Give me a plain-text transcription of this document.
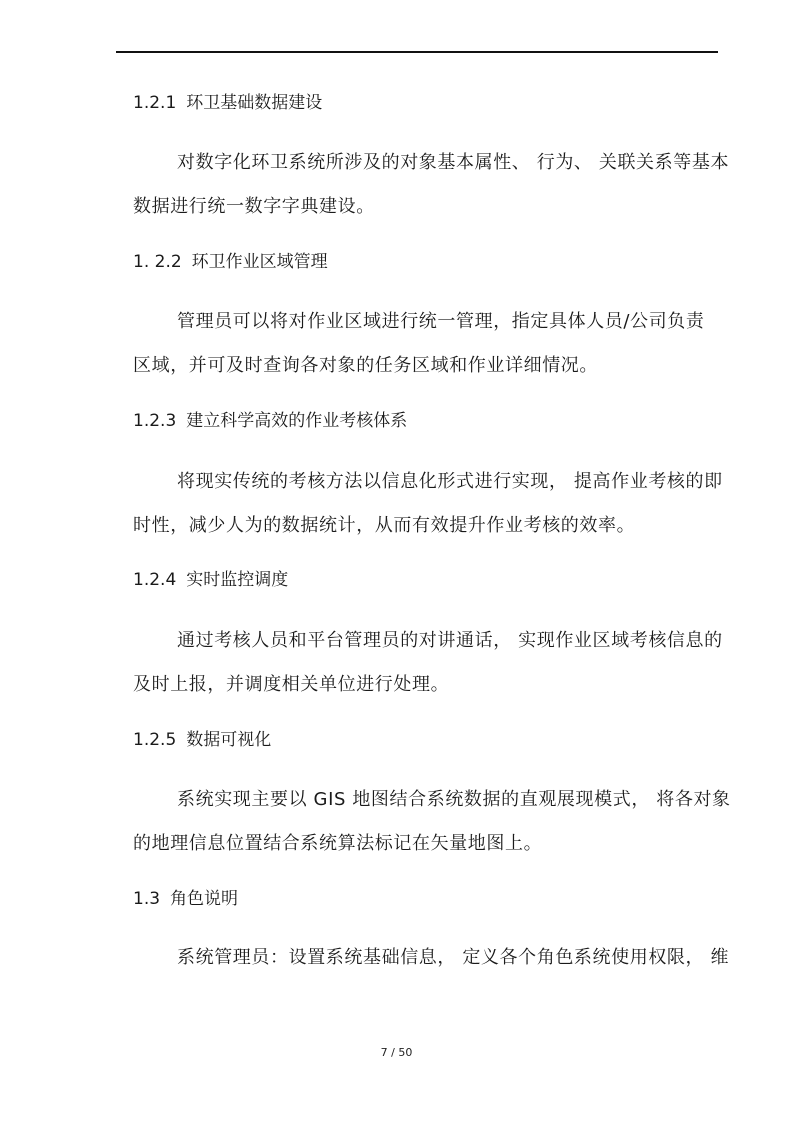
1.2.1 环卫基础数据建设
对数字化环卫系统所涉及的对象基本属性、 行为、 关联关系等基本
数据进行统一数字字典建设。
1. 2.2 环卫作业区域管理
管理员可以将对作业区域进行统一管理，指定具体人员/公司负责
区域，并可及时查询各对象的任务区域和作业详细情况。
1.2.3 建立科学高效的作业考核体系
将现实传统的考核方法以信息化形式进行实现， 提高作业考核的即
时性，减少人为的数据统计，从而有效提升作业考核的效率。
1.2.4 实时监控调度
通过考核人员和平台管理员的对讲通话， 实现作业区域考核信息的
及时上报，并调度相关单位进行处理。
1.2.5 数据可视化
系统实现主要以 GIS 地图结合系统数据的直观展现模式， 将各对象
的地理信息位置结合系统算法标记在矢量地图上。
1.3 角色说明
系统管理员：设置系统基础信息， 定义各个角色系统使用权限， 维
7 / 50
